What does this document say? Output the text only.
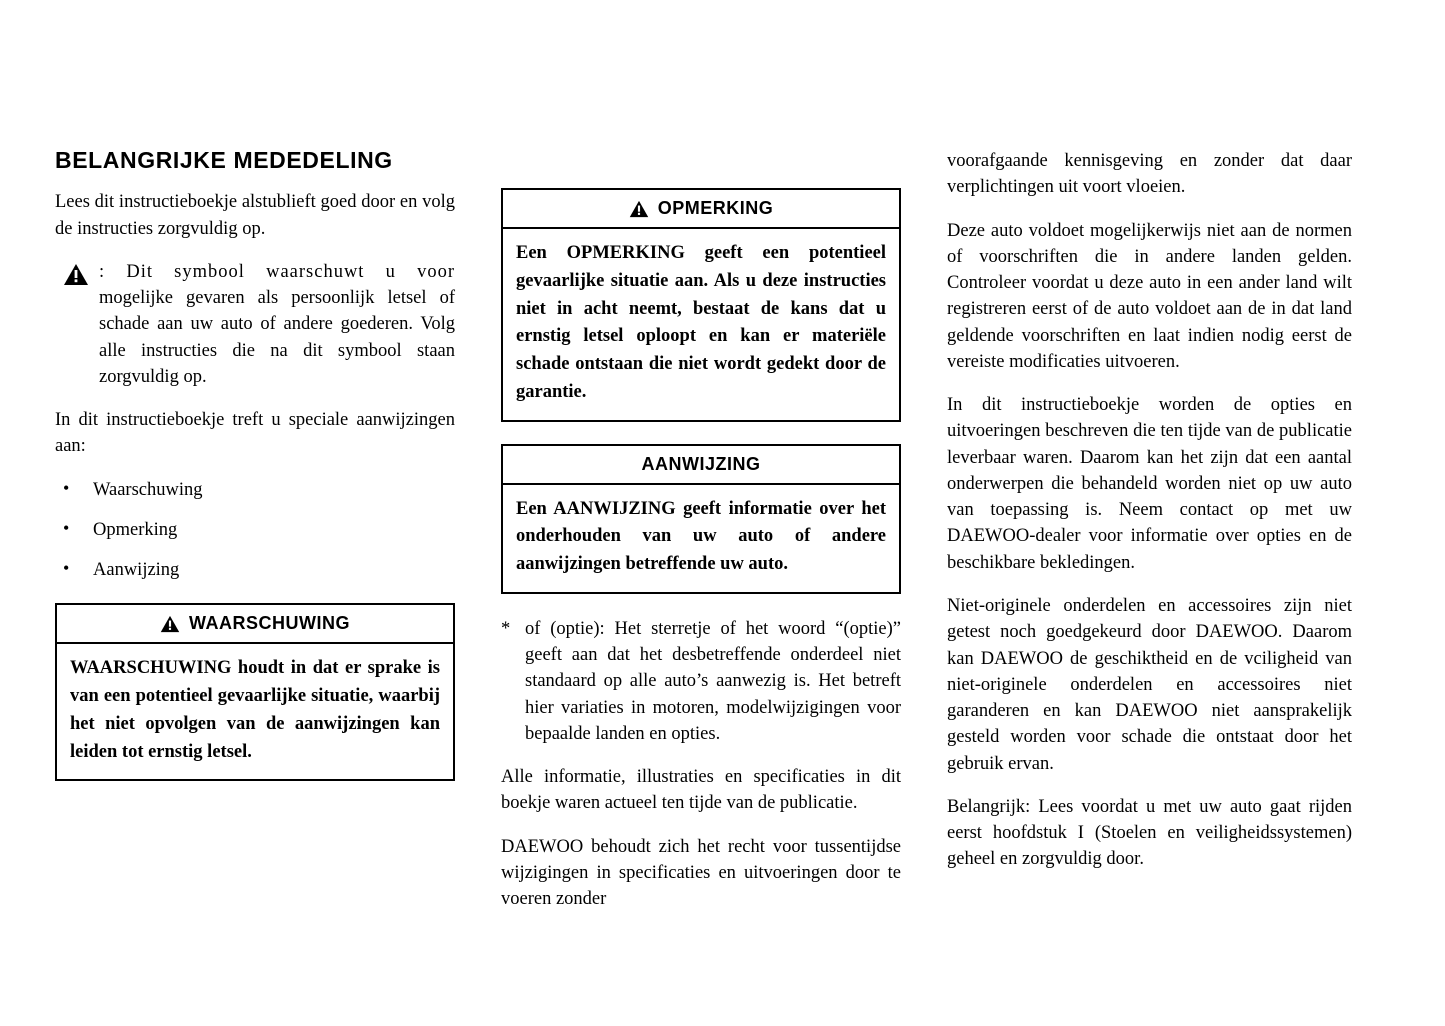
BELANGRIJKE MEDEDELING

Lees dit instructieboekje alstublieft goed door en volg de instructies zorgvuldig op.

: Dit symbool waarschuwt u voor mogelijke gevaren als persoonlijk letsel of schade aan uw auto of andere goederen. Volg alle instructies die na dit symbool staan zorgvuldig op.

In dit instructieboekje treft u speciale aanwijzingen aan:

• Waarschuwing
• Opmerking
• Aanwijzing
WAARSCHUWING
WAARSCHUWING houdt in dat er sprake is van een potentieel gevaarlijke situatie, waarbij het niet opvolgen van de aanwijzingen kan leiden tot ernstig letsel.
OPMERKING
Een OPMERKING geeft een potentieel gevaarlijke situatie aan. Als u deze instructies niet in acht neemt, bestaat de kans dat u ernstig letsel oploopt en kan er materiële schade ontstaan die niet wordt gedekt door de garantie.
AANWIJZING
Een AANWIJZING geeft informatie over het onderhouden van uw auto of andere aanwijzingen betreffende uw auto.
* of (optie): Het sterretje of het woord “(optie)” geeft aan dat het desbetreffende onderdeel niet standaard op alle auto’s aanwezig is. Het betreft hier variaties in motoren, modelwijzigingen voor bepaalde landen en opties.

Alle informatie, illustraties en specificaties in dit boekje waren actueel ten tijde van de publicatie.

DAEWOO behoudt zich het recht voor tussentijdse wijzigingen in specificaties en uitvoeringen door te voeren zonder

voorafgaande kennisgeving en zonder dat daar verplichtingen uit voort vloeien.

Deze auto voldoet mogelijkerwijs niet aan de normen of voorschriften die in andere landen gelden. Controleer voordat u deze auto in een ander land wilt registreren eerst of de auto voldoet aan de in dat land geldende voorschriften en laat indien nodig eerst de vereiste modificaties uitvoeren.

In dit instructieboekje worden de opties en uitvoeringen beschreven die ten tijde van de publicatie leverbaar waren. Daarom kan het zijn dat een aantal onderwerpen die behandeld worden niet op uw auto van toepassing is. Neem contact op met uw DAEWOO-dealer voor informatie over opties en de beschikbare bekledingen.

Niet-originele onderdelen en accessoires zijn niet getest noch goedgekeurd door DAEWOO. Daarom kan DAEWOO de geschiktheid en de vciligheid van niet-originele onderdelen en accessoires niet garanderen en kan DAEWOO niet aansprakelijk gesteld worden voor schade die ontstaat door het gebruik ervan.

Belangrijk: Lees voordat u met uw auto gaat rijden eerst hoofdstuk I (Stoelen en veiligheidssystemen) geheel en zorgvuldig door.
